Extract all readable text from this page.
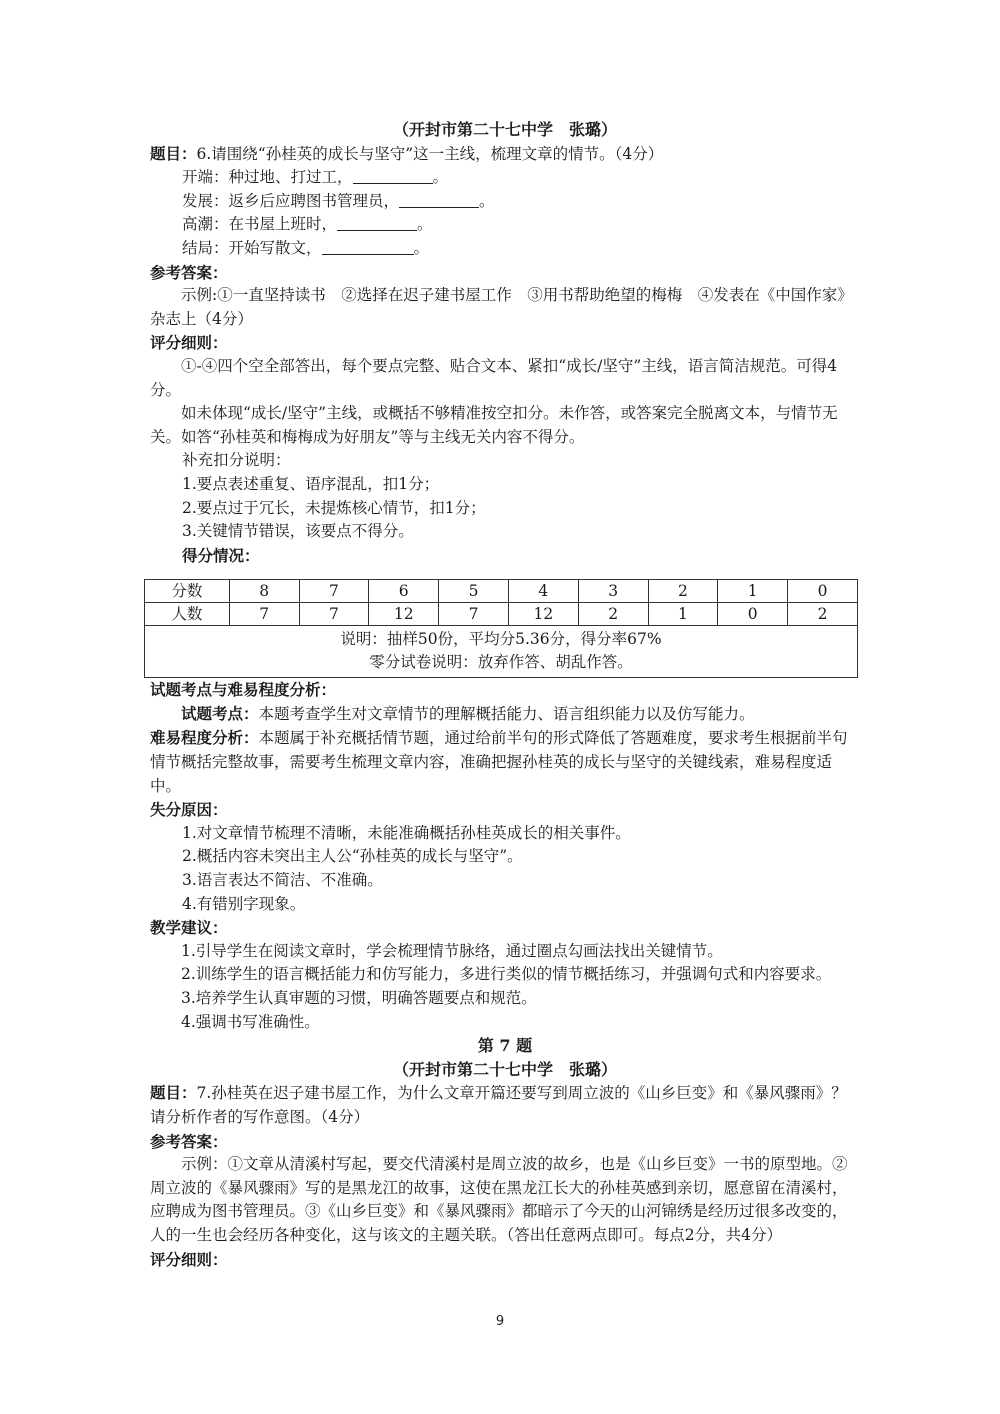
（开封市第二十七中学　张璐）

题目：6.请围绕“孙桂英的成长与坚守”这一主线，梳理文章的情节。（4分）

开端：种过地、打过工，	。

发展：返乡后应聘图书管理员，	。

高潮：在书屋上班时，	。

结局：开始写散文，	。

参考答案：

示例:①一直坚持读书　②选择在迟子建书屋工作　③用书帮助绝望的梅梅　④发表在《中国作家》杂志上（4分）

评分细则：

①-④四个空全部答出，每个要点完整、贴合文本、紧扣“成长/坚守”主线，语言简洁规范。可得4分。

如未体现“成长/坚守”主线，或概括不够精准按空扣分。未作答，或答案完全脱离文本，与情节无关。如答“孙桂英和梅梅成为好朋友”等与主线无关内容不得分。

补充扣分说明：

1.要点表述重复、语序混乱，扣1分；

2.要点过于冗长，未提炼核心情节，扣1分；

3.关键情节错误，该要点不得分。

得分情况：

分数	8	7	6	5	4	3	2	1	0
人数	7	7	12	7	12	2	1	0	2

说明：抽样50份，平均分5.36分，得分率67%
零分试卷说明：放弃作答、胡乱作答。									

试题考点与难易程度分析：

试题考点：本题考查学生对文章情节的理解概括能力、语言组织能力以及仿写能力。

难易程度分析：本题属于补充概括情节题，通过给前半句的形式降低了答题难度，要求考生根据前半句情节概括完整故事，需要考生梳理文章内容，准确把握孙桂英的成长与坚守的关键线索，难易程度适中。

失分原因：

1.对文章情节梳理不清晰，未能准确概括孙桂英成长的相关事件。

2.概括内容未突出主人公“孙桂英的成长与坚守”。

3.语言表达不简洁、不准确。

4.有错别字现象。

教学建议：

1.引导学生在阅读文章时，学会梳理情节脉络，通过圈点勾画法找出关键情节。

2.训练学生的语言概括能力和仿写能力，多进行类似的情节概括练习，并强调句式和内容要求。

3.培养学生认真审题的习惯，明确答题要点和规范。

4.强调书写准确性。

第 7 题

（开封市第二十七中学　张璐）

题目：7.孙桂英在迟子建书屋工作，为什么文章开篇还要写到周立波的《山乡巨变》和《暴风骤雨》？请分析作者的写作意图。（4分）

参考答案：

示例：①文章从清溪村写起，要交代清溪村是周立波的故乡，也是《山乡巨变》一书的原型地。②周立波的《暴风骤雨》写的是黑龙江的故事，这使在黑龙江长大的孙桂英感到亲切，愿意留在清溪村，应聘成为图书管理员。③《山乡巨变》和《暴风骤雨》都暗示了今天的山河锦绣是经历过很多改变的，人的一生也会经历各种变化，这与该文的主题关联。（答出任意两点即可。每点2分，共4分）

评分细则：

9
